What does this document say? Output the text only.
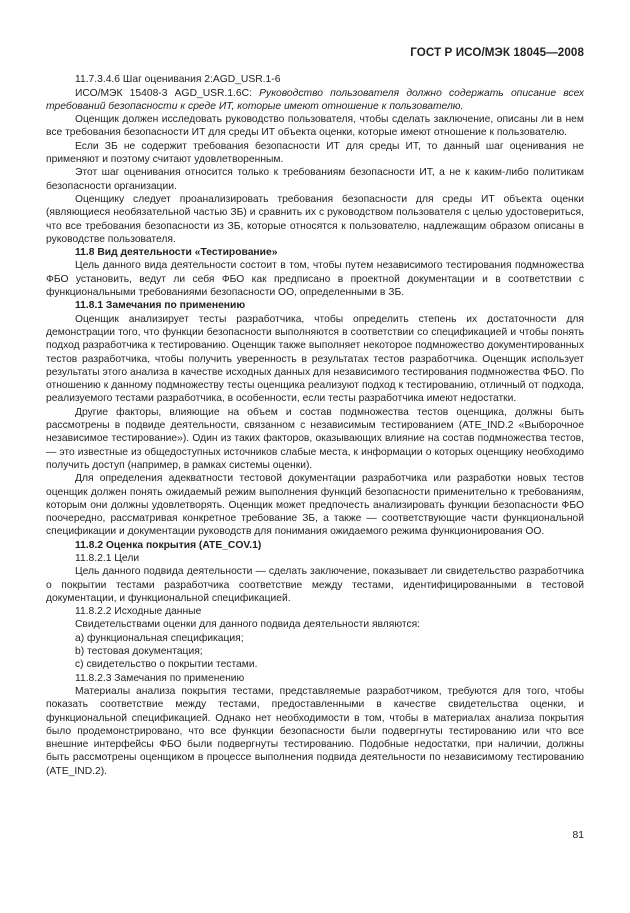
ГОСТ Р ИСО/МЭК 18045—2008

11.7.3.4.6 Шаг оценивания 2:AGD_USR.1-6

ИСО/МЭК 15408-3 AGD_USR.1.6C: Руководство пользователя должно содержать описание всех требований безопасности к среде ИТ, которые имеют отношение к пользователю.

Оценщик должен исследовать руководство пользователя, чтобы сделать заключение, описаны ли в нем все требования безопасности ИТ для среды ИТ объекта оценки, которые имеют отношение к пользователю.

Если ЗБ не содержит требования безопасности ИТ для среды ИТ, то данный шаг оценивания не применяют и поэтому считают удовлетворенным.

Этот шаг оценивания относится только к требованиям безопасности ИТ, а не к каким-либо политикам безопасности организации.

Оценщику следует проанализировать требования безопасности для среды ИТ объекта оценки (являющиеся необязательной частью ЗБ) и сравнить их с руководством пользователя с целью удостовериться, что все требования безопасности из ЗБ, которые относятся к пользователю, надлежащим образом описаны в руководстве пользователя.

11.8 Вид деятельности «Тестирование»

Цель данного вида деятельности состоит в том, чтобы путем независимого тестирования подмножества ФБО установить, ведут ли себя ФБО как предписано в проектной документации и в соответствии с функциональными требованиями безопасности ОО, определенными в ЗБ.

11.8.1 Замечания по применению

Оценщик анализирует тесты разработчика, чтобы определить степень их достаточности для демонстрации того, что функции безопасности выполняются в соответствии со спецификацией и чтобы понять подход разработчика к тестированию. Оценщик также выполняет некоторое подмножество документированных тестов разработчика, чтобы получить уверенность в результатах тестов разработчика. Оценщик использует результаты этого анализа в качестве исходных данных для независимого тестирования подмножества ФБО. По отношению к данному подмножеству тесты оценщика реализуют подход к тестированию, отличный от подхода, реализуемого тестами разработчика, в особенности, если тесты разработчика имеют недостатки.

Другие факторы, влияющие на объем и состав подмножества тестов оценщика, должны быть рассмотрены в подвиде деятельности, связанном с независимым тестированием (ATE_IND.2 «Выборочное независимое тестирование»). Один из таких факторов, оказывающих влияние на состав подмножества тестов, — это известные из общедоступных источников слабые места, к информации о которых оценщику необходимо получить доступ (например, в рамках системы оценки).

Для определения адекватности тестовой документации разработчика или разработки новых тестов оценщик должен понять ожидаемый режим выполнения функций безопасности применительно к требованиям, которым они должны удовлетворять. Оценщик может предпочесть анализировать функции безопасности ФБО поочередно, рассматривая конкретное требование ЗБ, а также — соответствующие части функциональной спецификации и документации руководств для понимания ожидаемого режима функционирования ОО.

11.8.2 Оценка покрытия (ATE_COV.1)

11.8.2.1 Цели

Цель данного подвида деятельности — сделать заключение, показывает ли свидетельство разработчика о покрытии тестами разработчика соответствие между тестами, идентифицированными в тестовой документации, и функциональной спецификацией.

11.8.2.2 Исходные данные

Свидетельствами оценки для данного подвида деятельности являются:

a) функциональная спецификация;

b) тестовая документация;

c) свидетельство о покрытии тестами.

11.8.2.3 Замечания по применению

Материалы анализа покрытия тестами, представляемые разработчиком, требуются для того, чтобы показать соответствие между тестами, предоставленными в качестве свидетельства оценки, и функциональной спецификацией. Однако нет необходимости в том, чтобы в материалах анализа покрытия было продемонстрировано, что все функции безопасности были подвергнуты тестированию или что все внешние интерфейсы ФБО были подвергнуты тестированию. Подобные недостатки, при наличии, должны быть рассмотрены оценщиком в процессе выполнения подвида деятельности по независимому тестированию (ATE_IND.2).

81
